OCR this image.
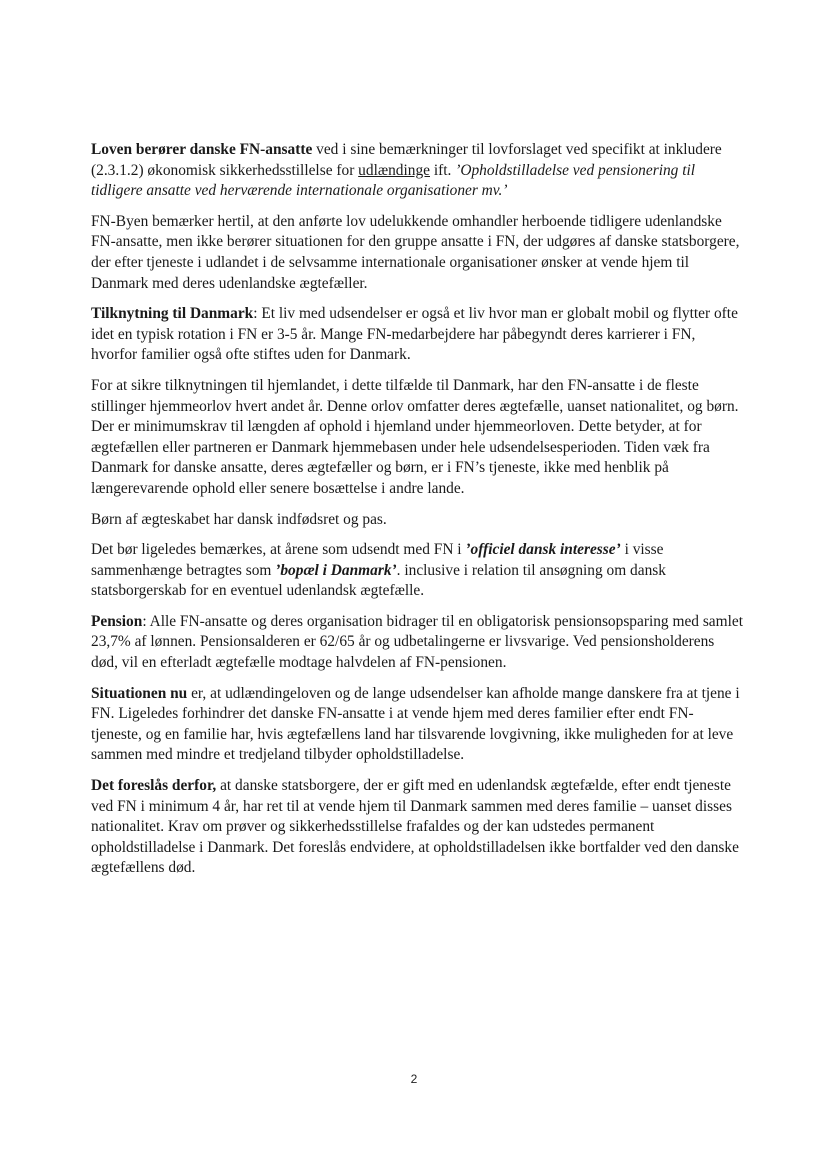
Loven berører danske FN-ansatte ved i sine bemærkninger til lovforslaget ved specifikt at inkludere (2.3.1.2) økonomisk sikkerhedsstillelse for udlændinge ift. ’Opholdstilladelse ved pensionering til tidligere ansatte ved herværende internationale organisationer mv.’

FN-Byen bemærker hertil, at den anførte lov udelukkende omhandler herboende tidligere udenlandske FN-ansatte, men ikke berører situationen for den gruppe ansatte i FN, der udgøres af danske statsborgere, der efter tjeneste i udlandet i de selvsamme internationale organisationer ønsker at vende hjem til Danmark med deres udenlandske ægtefæller.

Tilknytning til Danmark: Et liv med udsendelser er også et liv hvor man er globalt mobil og flytter ofte idet en typisk rotation i FN er 3-5 år. Mange FN-medarbejdere har påbegyndt deres karrierer i FN, hvorfor familier også ofte stiftes uden for Danmark.

For at sikre tilknytningen til hjemlandet, i dette tilfælde til Danmark, har den FN-ansatte i de fleste stillinger hjemmeorlov hvert andet år. Denne orlov omfatter deres ægtefælle, uanset nationalitet, og børn. Der er minimumskrav til længden af ophold i hjemland under hjemmeorloven. Dette betyder, at for ægtefællen eller partneren er Danmark hjemmebasen under hele udsendelsesperioden. Tiden væk fra Danmark for danske ansatte, deres ægtefæller og børn, er i FN’s tjeneste, ikke med henblik på længerevarende ophold eller senere bosættelse i andre lande.

Børn af ægteskabet har dansk indfødsret og pas.

Det bør ligeledes bemærkes, at årene som udsendt med FN i ’officiel dansk interesse’ i visse sammenhænge betragtes som ’bopæl i Danmark’. inclusive i relation til ansøgning om dansk statsborgerskab for en eventuel udenlandsk ægtefælle.

Pension: Alle FN-ansatte og deres organisation bidrager til en obligatorisk pensionsopsparing med samlet 23,7% af lønnen. Pensionsalderen er 62/65 år og udbetalingerne er livsvarige. Ved pensionsholderens død, vil en efterladt ægtefælle modtage halvdelen af FN-pensionen.

Situationen nu er, at udlændingeloven og de lange udsendelser kan afholde mange danskere fra at tjene i FN. Ligeledes forhindrer det danske FN-ansatte i at vende hjem med deres familier efter endt FN-tjeneste, og en familie har, hvis ægtefællens land har tilsvarende lovgivning, ikke muligheden for at leve sammen med mindre et tredjeland tilbyder opholdstilladelse.

Det foreslås derfor, at danske statsborgere, der er gift med en udenlandsk ægtefælde, efter endt tjeneste ved FN i minimum 4 år, har ret til at vende hjem til Danmark sammen med deres familie – uanset disses nationalitet. Krav om prøver og sikkerhedsstillelse frafaldes og der kan udstedes permanent opholdstilladelse i Danmark. Det foreslås endvidere, at opholdstilladelsen ikke bortfalder ved den danske ægtefællens død.

2
